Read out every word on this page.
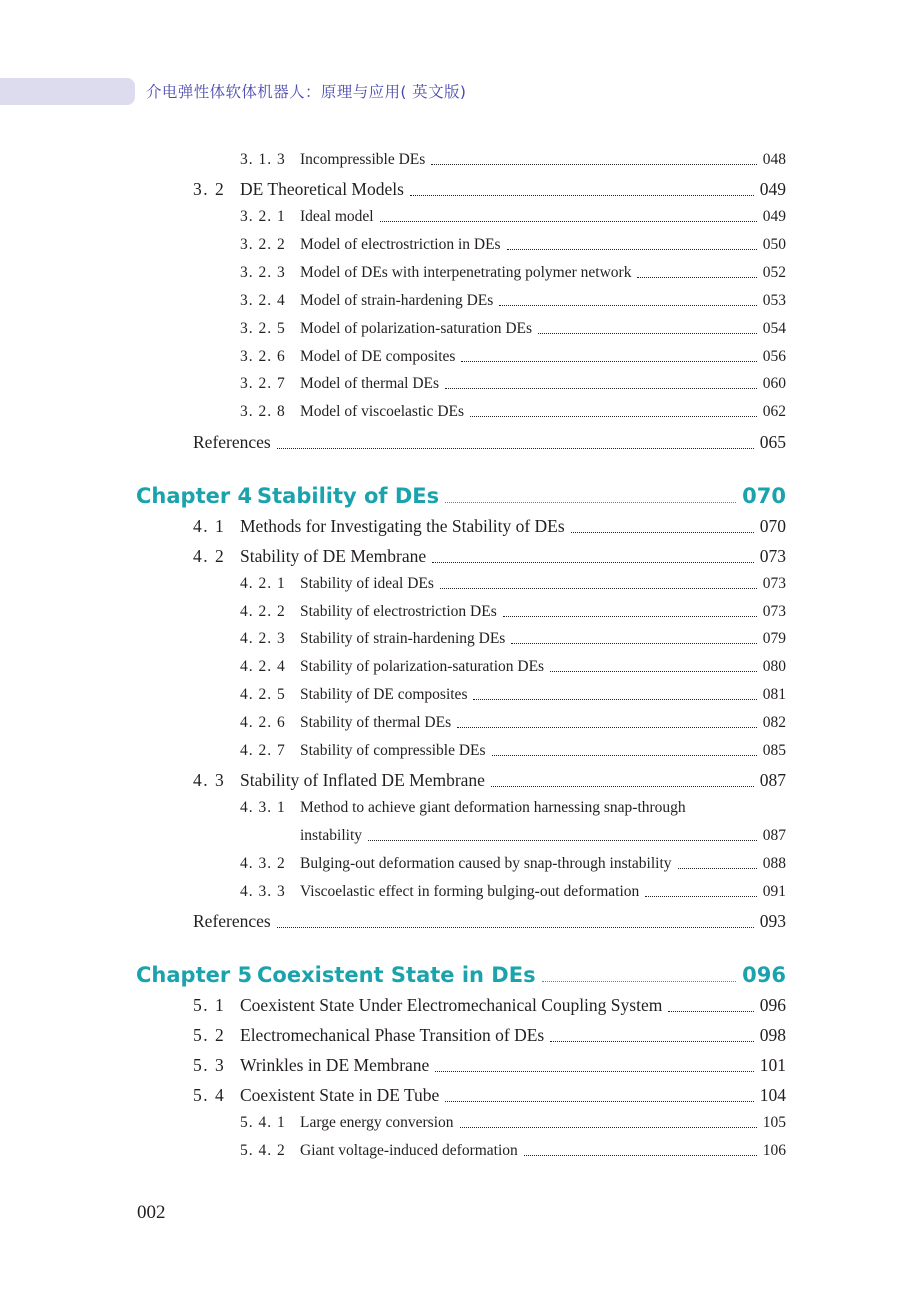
介电弹性体软体机器人：原理与应用( 英文版)
3. 1. 3 Incompressible DEs	048
3. 2 DE Theoretical Models	049
3. 2. 1 Ideal model	049
3. 2. 2 Model of electrostriction in DEs	050
3. 2. 3 Model of DEs with interpenetrating polymer network	052
3. 2. 4 Model of strain-hardening DEs	053
3. 2. 5 Model of polarization-saturation DEs	054
3. 2. 6 Model of DE composites	056
3. 2. 7 Model of thermal DEs	060
3. 2. 8 Model of viscoelastic DEs	062
References	065
Chapter 4 Stability of DEs	070
4. 1 Methods for Investigating the Stability of DEs	070
4. 2 Stability of DE Membrane	073
4. 2. 1 Stability of ideal DEs	073
4. 2. 2 Stability of electrostriction DEs	073
4. 2. 3 Stability of strain-hardening DEs	079
4. 2. 4 Stability of polarization-saturation DEs	080
4. 2. 5 Stability of DE composites	081
4. 2. 6 Stability of thermal DEs	082
4. 2. 7 Stability of compressible DEs	085
4. 3 Stability of Inflated DE Membrane	087
4. 3. 1 Method to achieve giant deformation harnessing snap-through
instability	087
4. 3. 2 Bulging-out deformation caused by snap-through instability	088
4. 3. 3 Viscoelastic effect in forming bulging-out deformation	091
References	093
Chapter 5 Coexistent State in DEs	096
5. 1 Coexistent State Under Electromechanical Coupling System	096
5. 2 Electromechanical Phase Transition of DEs	098
5. 3 Wrinkles in DE Membrane	101
5. 4 Coexistent State in DE Tube	104
5. 4. 1 Large energy conversion	105
5. 4. 2 Giant voltage-induced deformation	106
002
